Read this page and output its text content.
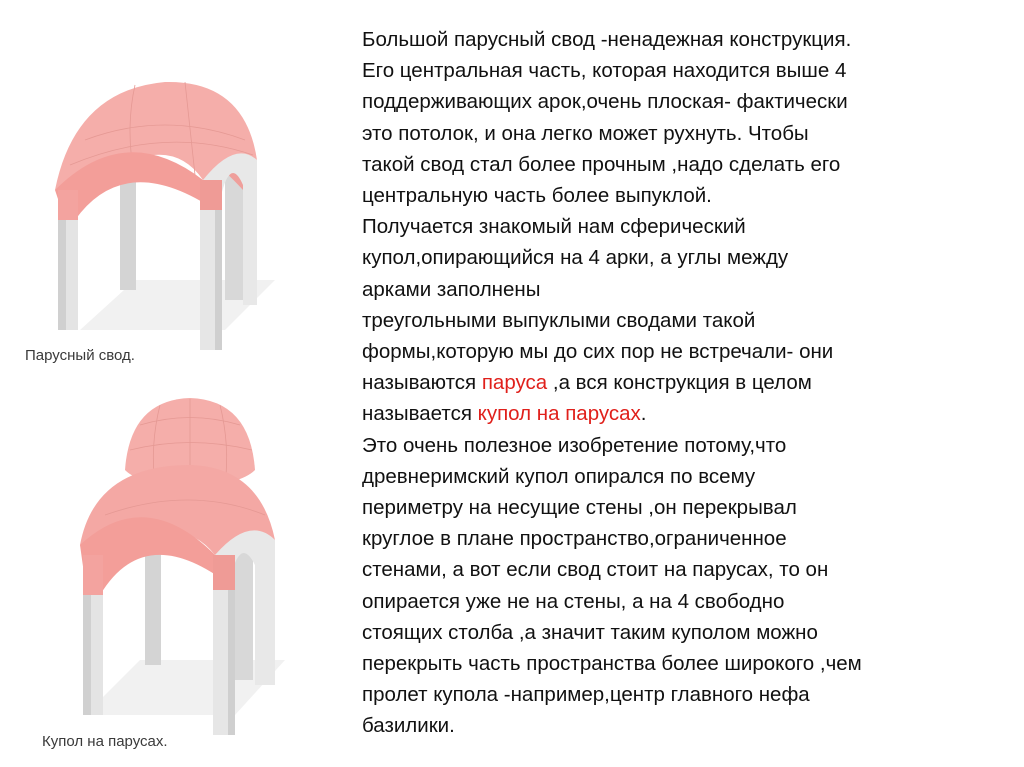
Парусный свод.
Купол на парусах.
Большой парусный свод -ненадежная конструкция.
Его центральная часть, которая находится выше 4
поддерживающих арок,очень плоская- фактически
это потолок, и она легко может рухнуть. Чтобы
такой свод стал более прочным ,надо сделать его
центральную часть более выпуклой.
Получается знакомый нам сферический
купол,опирающийся на 4 арки, а углы между
арками заполнены
треугольными выпуклыми сводами такой
формы,которую мы до сих пор не встречали- они
называются паруса ,а вся конструкция в целом
называется купол на парусах.
Это очень полезное изобретение потому,что
древнеримский купол опирался по всему
периметру на несущие стены ,он перекрывал
круглое в плане пространство,ограниченное
стенами, а вот если свод стоит на парусах, то он
опирается уже не на стены, а на 4 свободно
стоящих столба ,а значит таким куполом можно
перекрыть часть пространства более широкого ,чем
пролет купола -например,центр главного нефа
базилики.
